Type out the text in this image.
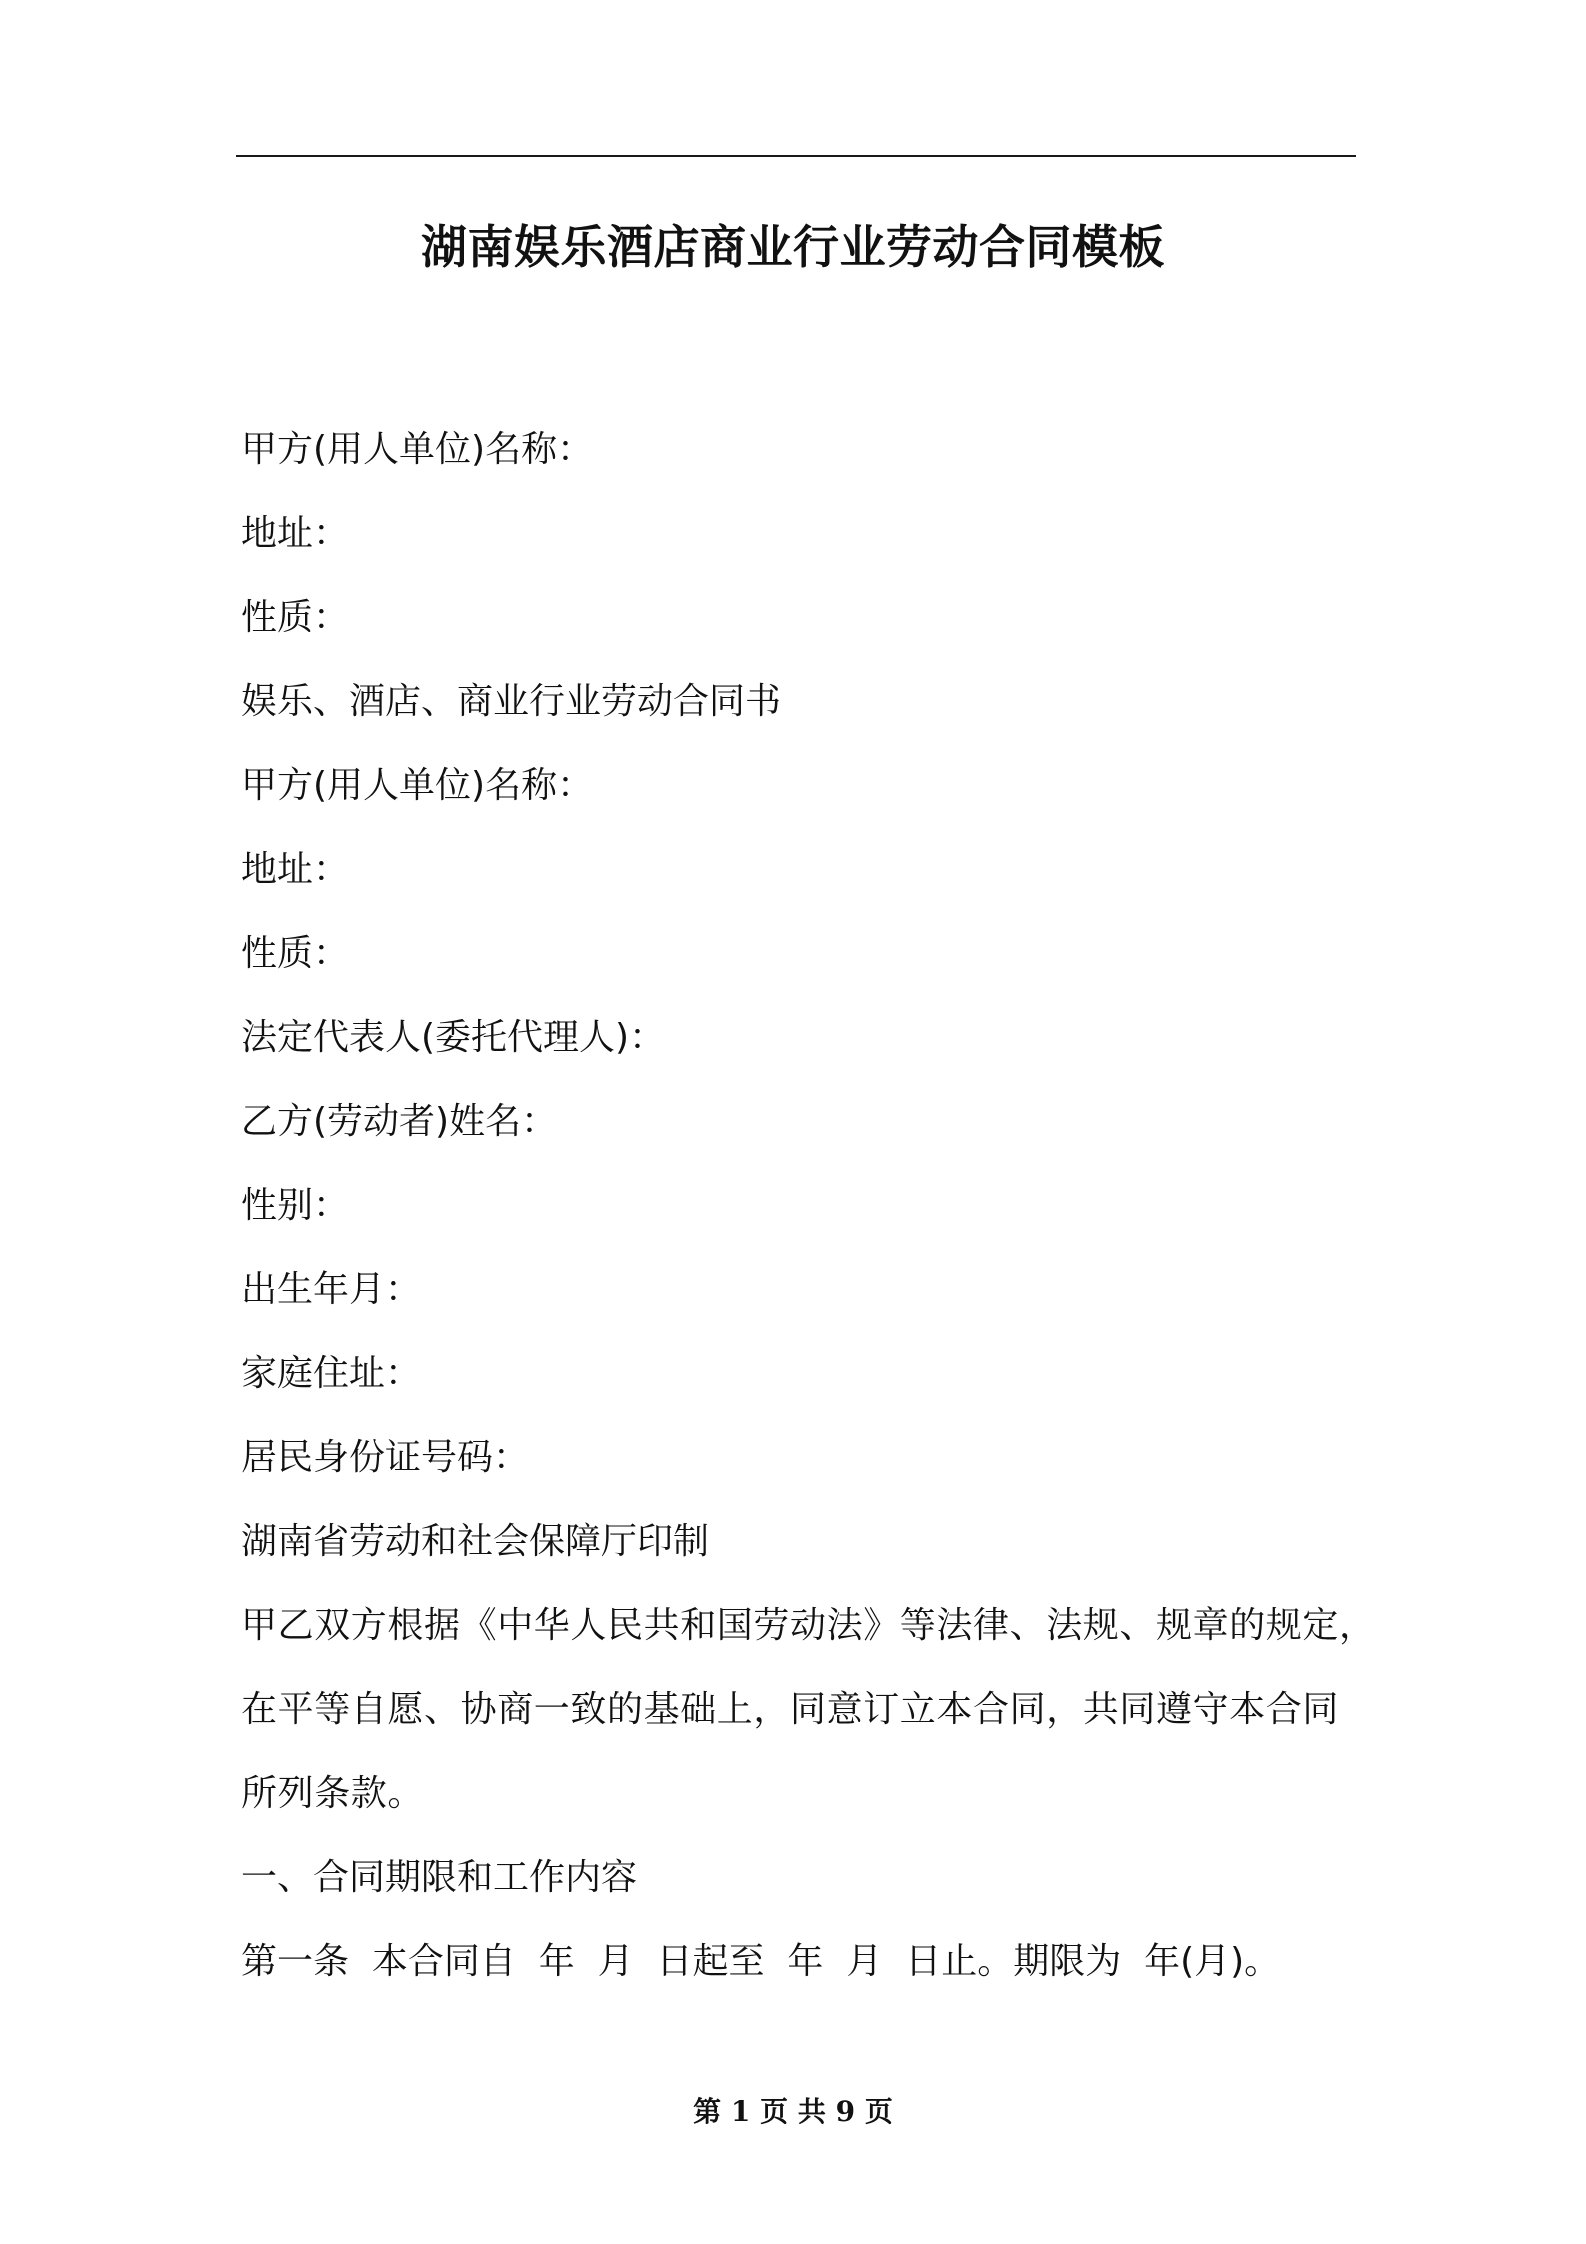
湖南娱乐酒店商业行业劳动合同模板
甲方(用人单位)名称：
地址：
性质：
娱乐、酒店、商业行业劳动合同书
甲方(用人单位)名称：
地址：
性质：
法定代表人(委托代理人)：
乙方(劳动者)姓名：
性别：
出生年月：
家庭住址：
居民身份证号码：
湖南省劳动和社会保障厅印制
甲乙双方根据《中华人民共和国劳动法》等法律、法规、规章的规定，
在平等自愿、协商一致的基础上，同意订立本合同，共同遵守本合同
所列条款。
一、合同期限和工作内容
第一条  本合同自  年  月  日起至  年  月  日止。期限为  年(月)。
第 1 页 共 9 页
